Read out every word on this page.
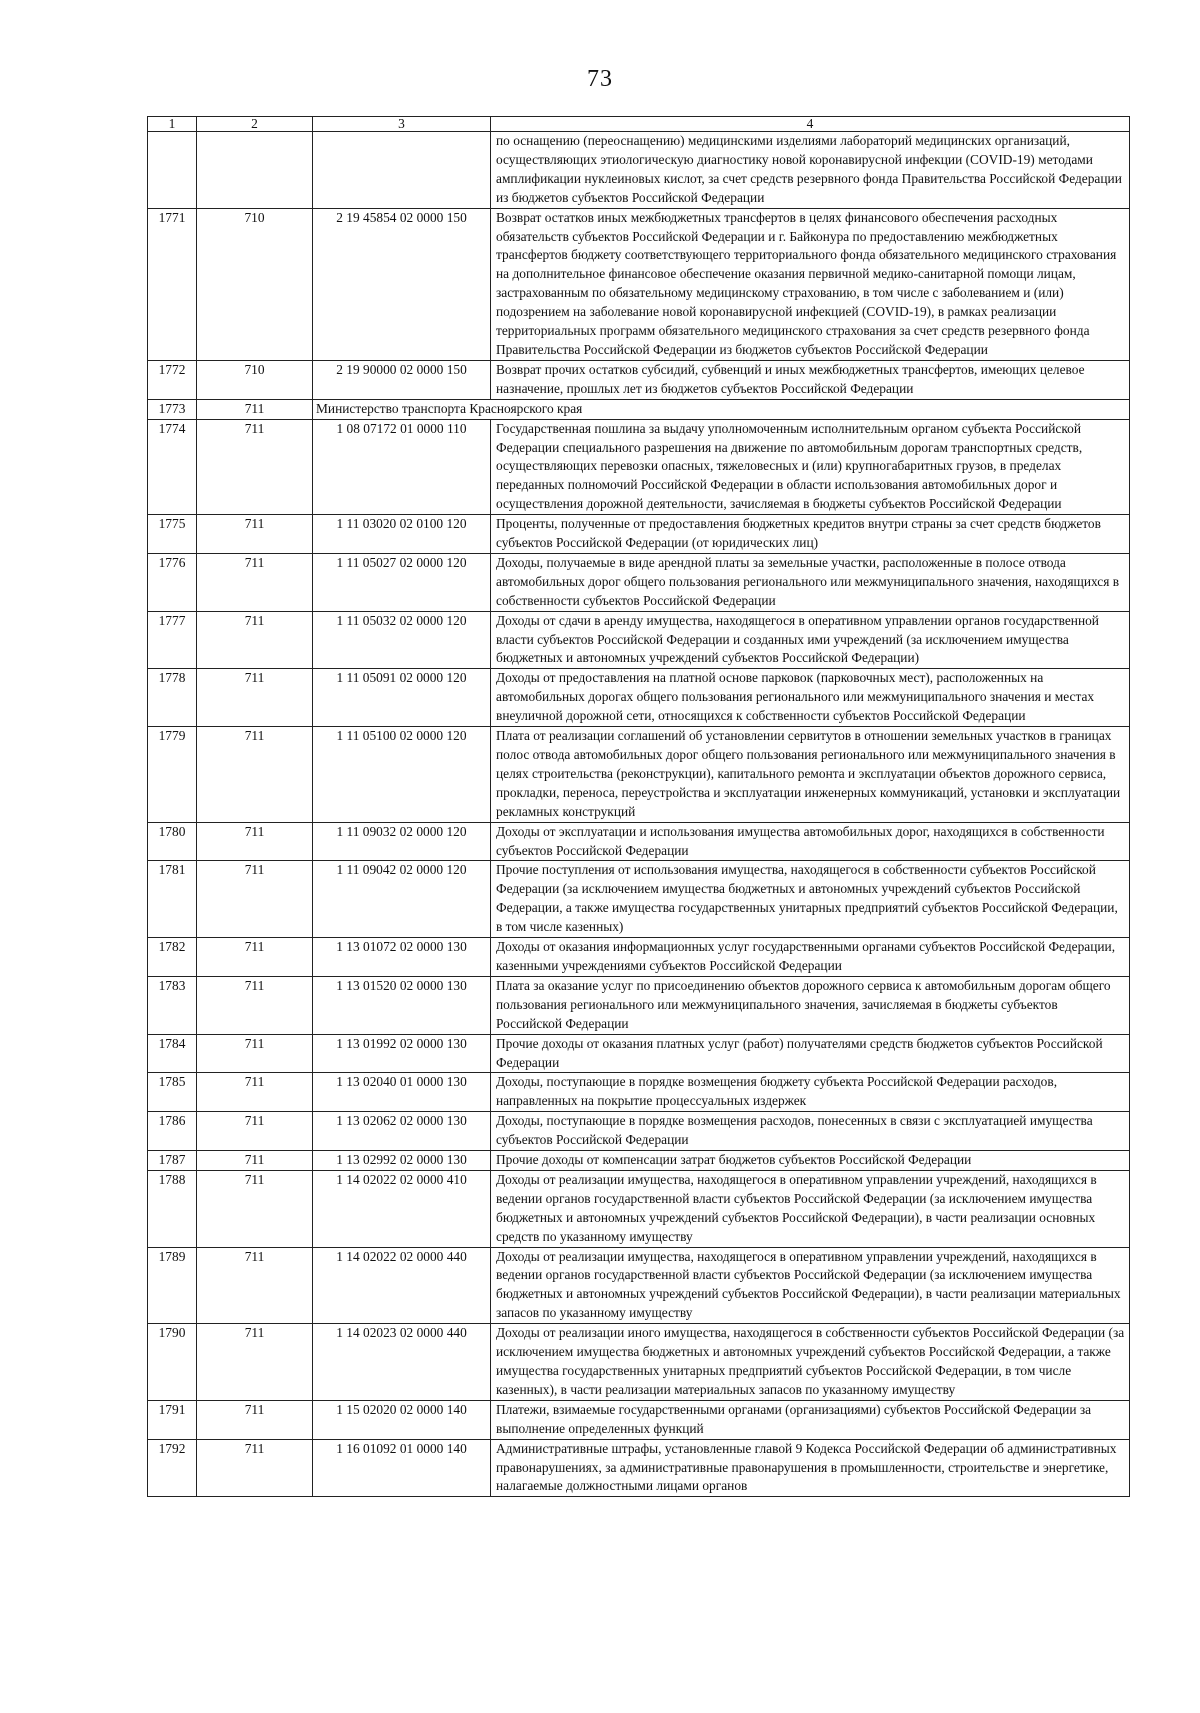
73
1	2	3	4
			по оснащению (переоснащению) медицинскими изделиями лабораторий медицинских организаций, осуществляющих этиологическую диагностику новой коронавирусной инфекции (COVID-19) методами амплификации нуклеиновых кислот, за счет средств резервного фонда Правительства Российской Федерации из бюджетов субъектов Российской Федерации
1771	710	2 19 45854 02 0000 150	Возврат остатков иных межбюджетных трансфертов в целях финансового обеспечения расходных обязательств субъектов Российской Федерации и г. Байконура по предоставлению межбюджетных трансфертов бюджету соответствующего территориального фонда обязательного медицинского страхования на дополнительное финансовое обеспечение оказания первичной медико-санитарной помощи лицам, застрахованным по обязательному медицинскому страхованию, в том числе с заболеванием и (или) подозрением на заболевание новой коронавирусной инфекцией (COVID-19), в рамках реализации территориальных программ обязательного медицинского страхования за счет средств резервного фонда Правительства Российской Федерации из бюджетов субъектов Российской Федерации
1772	710	2 19 90000 02 0000 150	Возврат прочих остатков субсидий, субвенций и иных межбюджетных трансфертов, имеющих целевое назначение, прошлых лет из бюджетов субъектов Российской Федерации
1773	711	Министерство транспорта Красноярского края	
1774	711	1 08 07172 01 0000 110	Государственная пошлина за выдачу уполномоченным исполнительным органом субъекта Российской Федерации специального разрешения на движение по автомобильным дорогам транспортных средств, осуществляющих перевозки опасных, тяжеловесных и (или) крупногабаритных грузов, в пределах переданных полномочий Российской Федерации в области использования автомобильных дорог и осуществления дорожной деятельности, зачисляемая в бюджеты субъектов Российской Федерации
1775	711	1 11 03020 02 0100 120	Проценты, полученные от предоставления бюджетных кредитов внутри страны за счет средств бюджетов субъектов Российской Федерации (от юридических лиц)
1776	711	1 11 05027 02 0000 120	Доходы, получаемые в виде арендной платы за земельные участки, расположенные в полосе отвода автомобильных дорог общего пользования регионального или межмуниципального значения, находящихся в собственности субъектов Российской Федерации
1777	711	1 11 05032 02 0000 120	Доходы от сдачи в аренду имущества, находящегося в оперативном управлении органов государственной власти субъектов Российской Федерации и созданных ими учреждений (за исключением имущества бюджетных и автономных учреждений субъектов Российской Федерации)
1778	711	1 11 05091 02 0000 120	Доходы от предоставления на платной основе парковок (парковочных мест), расположенных на автомобильных дорогах общего пользования регионального или межмуниципального значения и местах внеуличной дорожной сети, относящихся к собственности субъектов Российской Федерации
1779	711	1 11 05100 02 0000 120	Плата от реализации соглашений об установлении сервитутов в отношении земельных участков в границах полос отвода автомобильных дорог общего пользования регионального или межмуниципального значения в целях строительства (реконструкции), капитального ремонта и эксплуатации объектов дорожного сервиса, прокладки, переноса, переустройства и эксплуатации инженерных коммуникаций, установки и эксплуатации рекламных конструкций
1780	711	1 11 09032 02 0000 120	Доходы от эксплуатации и использования имущества автомобильных дорог, находящихся в собственности субъектов Российской Федерации
1781	711	1 11 09042 02 0000 120	Прочие поступления от использования имущества, находящегося в собственности субъектов Российской Федерации (за исключением имущества бюджетных и автономных учреждений субъектов Российской Федерации, а также имущества государственных унитарных предприятий субъектов Российской Федерации, в том числе казенных)
1782	711	1 13 01072 02 0000 130	Доходы от оказания информационных услуг государственными органами субъектов Российской Федерации, казенными учреждениями субъектов Российской Федерации
1783	711	1 13 01520 02 0000 130	Плата за оказание услуг по присоединению объектов дорожного сервиса к автомобильным дорогам общего пользования регионального или межмуниципального значения, зачисляемая в бюджеты субъектов Российской Федерации
1784	711	1 13 01992 02 0000 130	Прочие доходы от оказания платных услуг (работ) получателями средств бюджетов субъектов Российской Федерации
1785	711	1 13 02040 01 0000 130	Доходы, поступающие в порядке возмещения бюджету субъекта Российской Федерации расходов, направленных на покрытие процессуальных издержек
1786	711	1 13 02062 02 0000 130	Доходы, поступающие в порядке возмещения расходов, понесенных в связи с эксплуатацией имущества субъектов Российской Федерации
1787	711	1 13 02992 02 0000 130	Прочие доходы от компенсации затрат бюджетов субъектов Российской Федерации
1788	711	1 14 02022 02 0000 410	Доходы от реализации имущества, находящегося в оперативном управлении учреждений, находящихся в ведении органов государственной власти субъектов Российской Федерации (за исключением имущества бюджетных и автономных учреждений субъектов Российской Федерации), в части реализации основных средств по указанному имуществу
1789	711	1 14 02022 02 0000 440	Доходы от реализации имущества, находящегося в оперативном управлении учреждений, находящихся в ведении органов государственной власти субъектов Российской Федерации (за исключением имущества бюджетных и автономных учреждений субъектов Российской Федерации), в части реализации материальных запасов по указанному имуществу
1790	711	1 14 02023 02 0000 440	Доходы от реализации иного имущества, находящегося в собственности субъектов Российской Федерации (за исключением имущества бюджетных и автономных учреждений субъектов Российской Федерации, а также имущества государственных унитарных предприятий субъектов Российской Федерации, в том числе казенных), в части реализации материальных запасов по указанному имуществу
1791	711	1 15 02020 02 0000 140	Платежи, взимаемые государственными органами (организациями) субъектов Российской Федерации за выполнение определенных функций
1792	711	1 16 01092 01 0000 140	Административные штрафы, установленные главой 9 Кодекса Российской Федерации об административных правонарушениях, за административные правонарушения в промышленности, строительстве и энергетике, налагаемые должностными лицами органов
